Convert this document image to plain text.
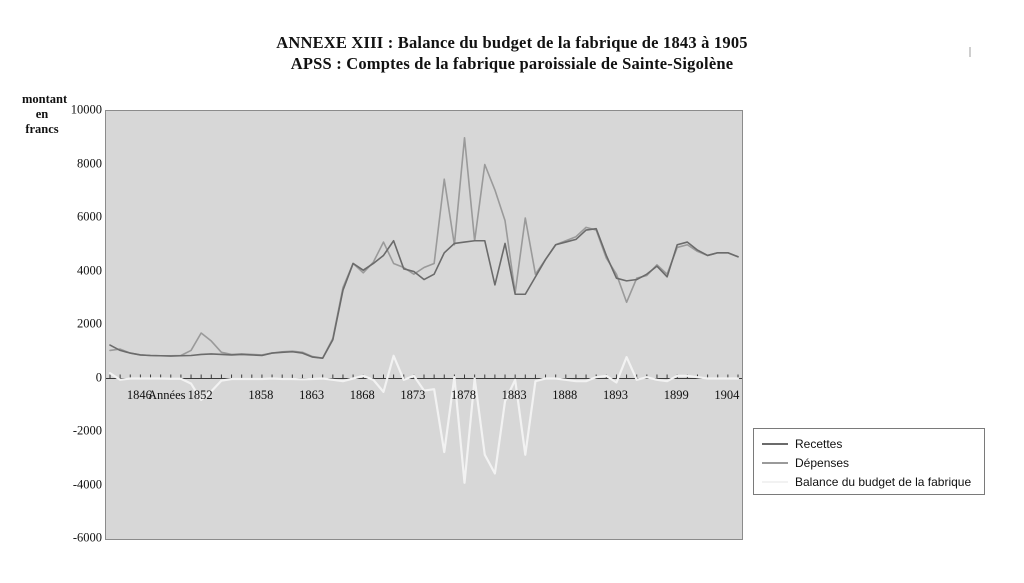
ANNEXE XIII : Balance du budget de la fabrique de 1843 à 1905
APSS : Comptes de la fabrique paroissiale de Sainte-Sigolène
montant en
francs
10000
8000
6000
4000
2000
0
-2000
-4000
-6000
Années
1846	1852	1858 1863 1868 1873 1878 1883 1888 1893	1899 1904
Recettes
Dépenses
Balance du budget de la fabrique
